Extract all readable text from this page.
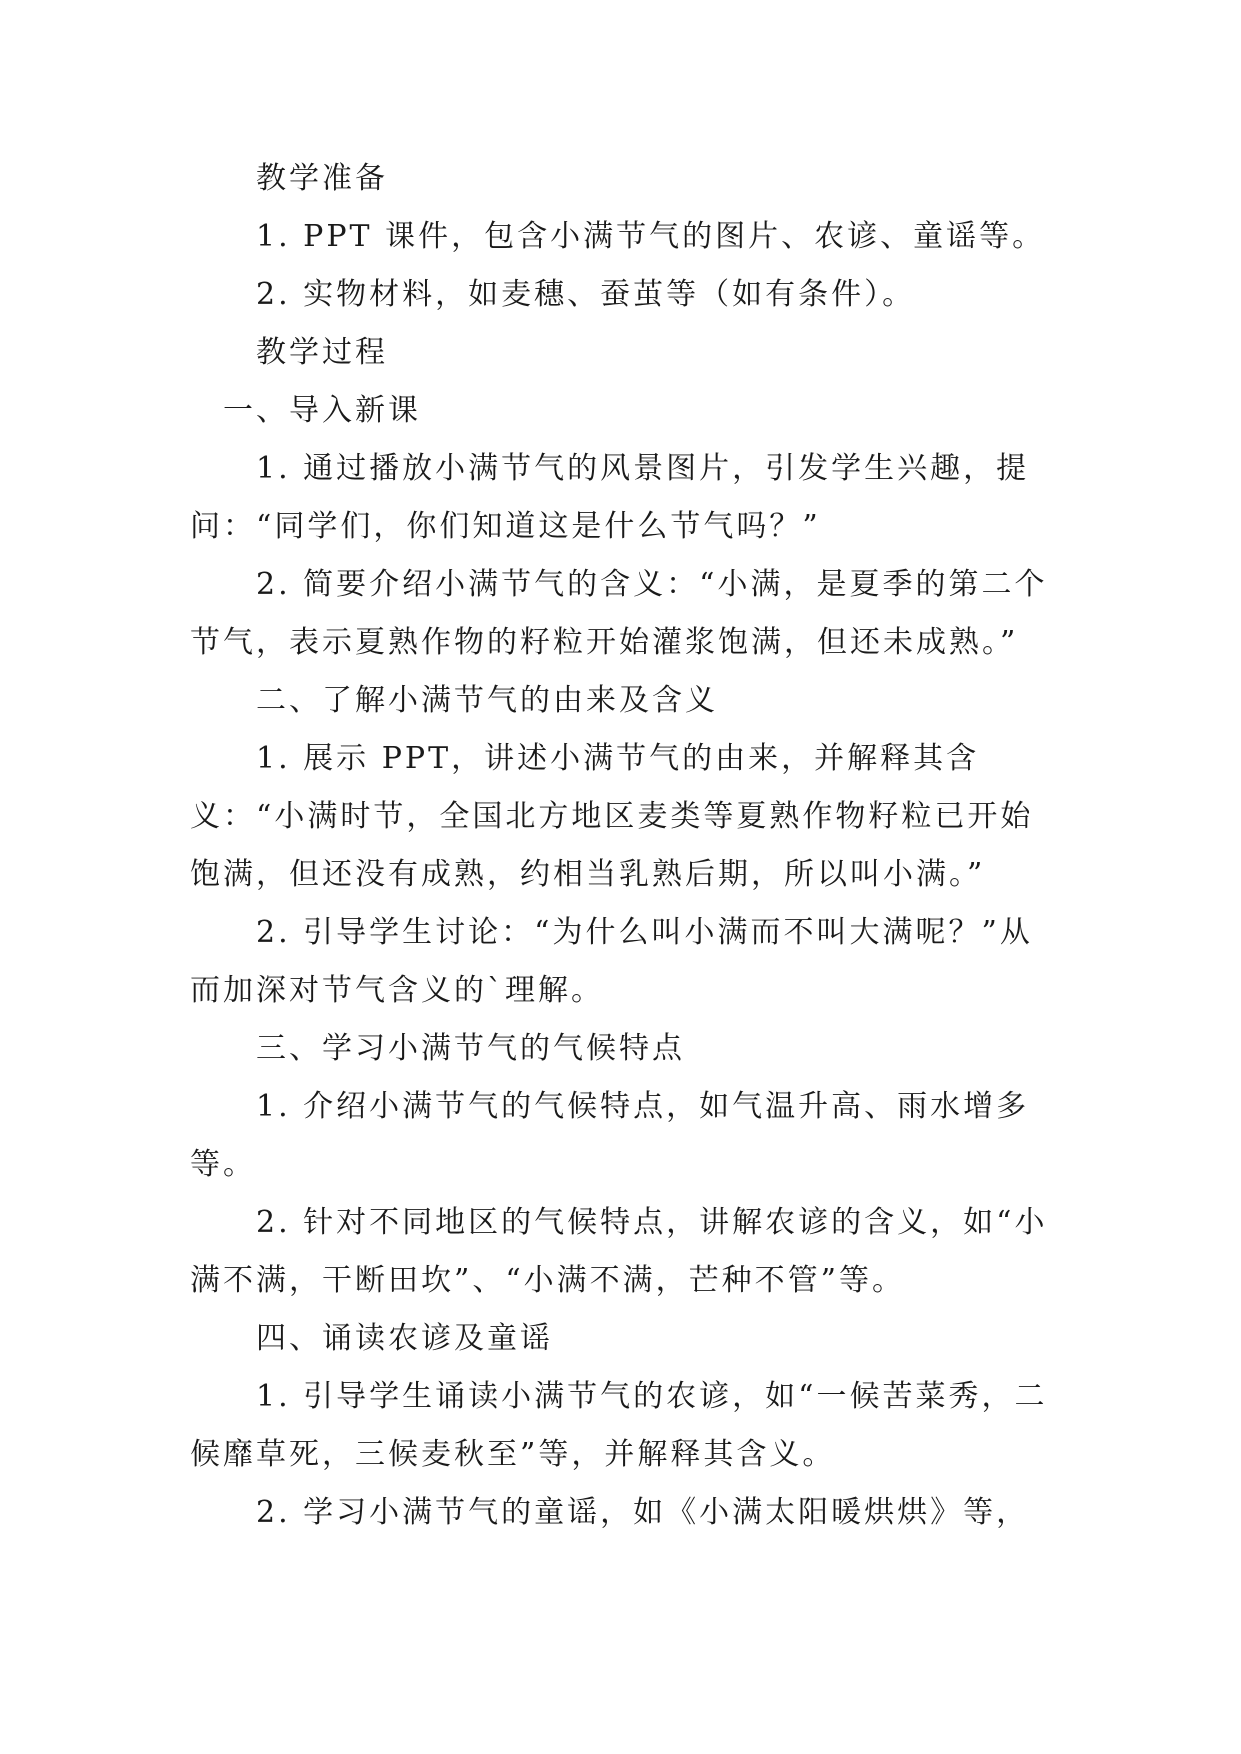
教学准备

1. PPT 课件，包含小满节气的图片、农谚、童谣等。

2. 实物材料，如麦穗、蚕茧等（如有条件）。

教学过程

一、导入新课

1. 通过播放小满节气的风景图片，引发学生兴趣，提问：“同学们，你们知道这是什么节气吗？”

2. 简要介绍小满节气的含义：“小满，是夏季的第二个节气，表示夏熟作物的籽粒开始灌浆饱满，但还未成熟。”

二、了解小满节气的由来及含义

1. 展示 PPT，讲述小满节气的由来，并解释其含义：“小满时节，全国北方地区麦类等夏熟作物籽粒已开始饱满，但还没有成熟，约相当乳熟后期，所以叫小满。”

2. 引导学生讨论：“为什么叫小满而不叫大满呢？”从而加深对节气含义的`理解。

三、学习小满节气的气候特点

1. 介绍小满节气的气候特点，如气温升高、雨水增多等。

2. 针对不同地区的气候特点，讲解农谚的含义，如“小满不满，干断田坎”、“小满不满，芒种不管”等。

四、诵读农谚及童谣

1. 引导学生诵读小满节气的农谚，如“一候苦菜秀，二候靡草死，三候麦秋至”等，并解释其含义。

2. 学习小满节气的童谣，如《小满太阳暖烘烘》等，
